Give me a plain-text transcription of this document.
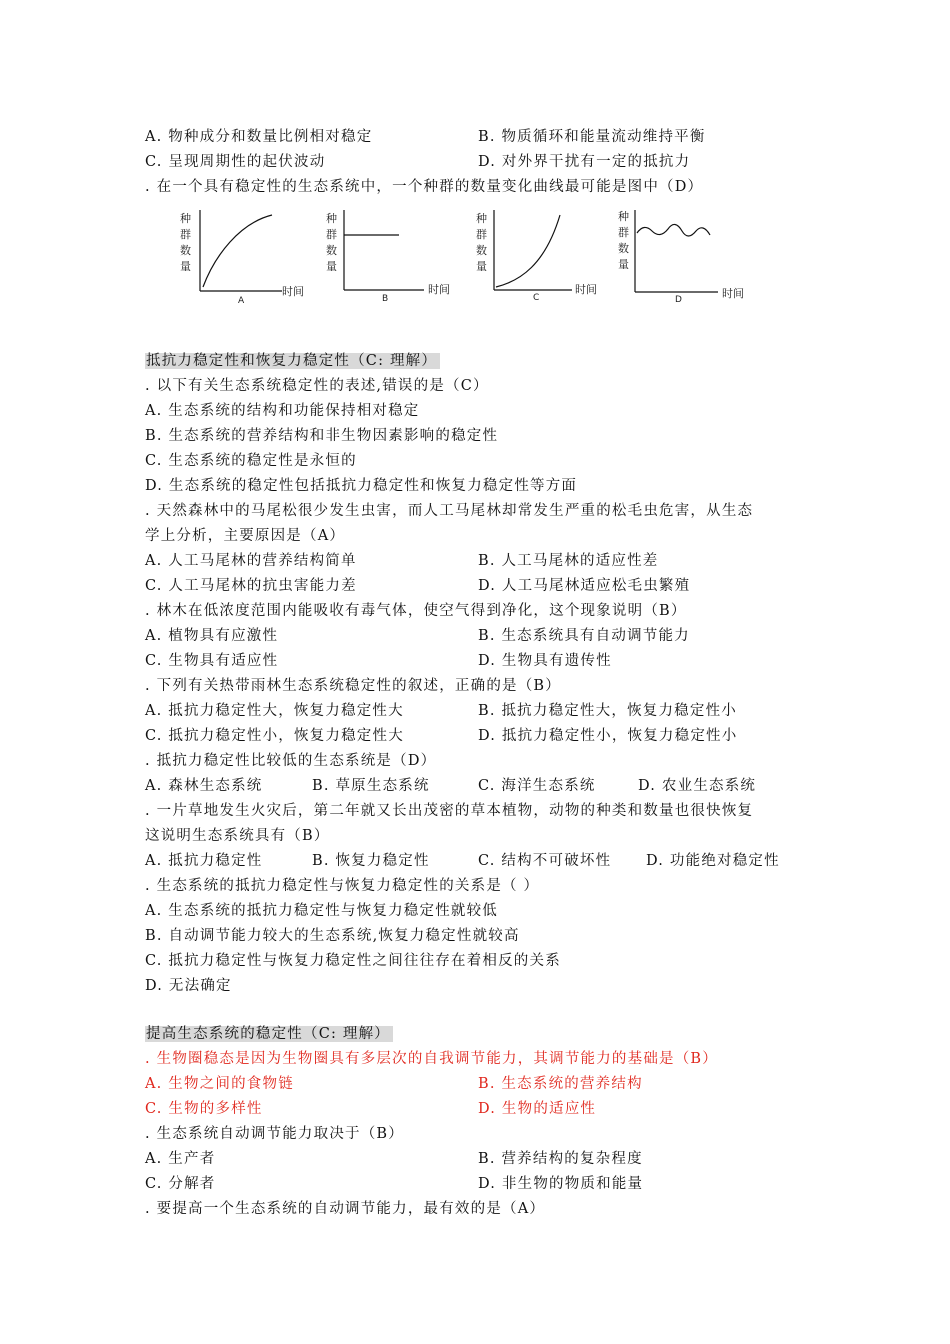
A. 物种成分和数量比例相对稳定	B. 物质循环和能量流动维持平衡
C. 呈现周期性的起伏波动	D. 对外界干扰有一定的抵抗力
. 在一个具有稳定性的生态系统中，一个种群的数量变化曲线最可能是图中（D）
种
群
数
量
A
时间
种
群
数
量
B
时间
种
群
数
量
C
时间
种
群
数
量
D	时间
抵抗力稳定性和恢复力稳定性（C: 理解）
. 以下有关生态系统稳定性的表述,错误的是（C）
A. 生态系统的结构和功能保持相对稳定
B. 生态系统的营养结构和非生物因素影响的稳定性
C. 生态系统的稳定性是永恒的
D. 生态系统的稳定性包括抵抗力稳定性和恢复力稳定性等方面
. 天然森林中的马尾松很少发生虫害，而人工马尾林却常发生严重的松毛虫危害，从生态
学上分析，主要原因是（A）
A. 人工马尾林的营养结构简单	B. 人工马尾林的适应性差
C. 人工马尾林的抗虫害能力差	D. 人工马尾林适应松毛虫繁殖
. 林木在低浓度范围内能吸收有毒气体，使空气得到净化，这个现象说明（B）
A. 植物具有应激性	B. 生态系统具有自动调节能力
C. 生物具有适应性	D. 生物具有遗传性
. 下列有关热带雨林生态系统稳定性的叙述，正确的是（B）
A. 抵抗力稳定性大，恢复力稳定性大	B. 抵抗力稳定性大，恢复力稳定性小
C. 抵抗力稳定性小，恢复力稳定性大	D. 抵抗力稳定性小，恢复力稳定性小
. 抵抗力稳定性比较低的生态系统是（D）
A. 森林生态系统	B. 草原生态系统	C. 海洋生态系统	D. 农业生态系统
. 一片草地发生火灾后，第二年就又长出茂密的草本植物，动物的种类和数量也很快恢复
这说明生态系统具有（B）
A. 抵抗力稳定性	B. 恢复力稳定性	C. 结构不可破坏性 D. 功能绝对稳定性
. 生态系统的抵抗力稳定性与恢复力稳定性的关系是（ ）
A. 生态系统的抵抗力稳定性与恢复力稳定性就较低
B. 自动调节能力较大的生态系统,恢复力稳定性就较高
C. 抵抗力稳定性与恢复力稳定性之间往往存在着相反的关系
D. 无法确定
提高生态系统的稳定性（C: 理解）
. 生物圈稳态是因为生物圈具有多层次的自我调节能力，其调节能力的基础是（B）
A. 生物之间的食物链	B. 生态系统的营养结构
C. 生物的多样性	D. 生物的适应性
. 生态系统自动调节能力取决于（B）
A. 生产者	B. 营养结构的复杂程度
C. 分解者	D. 非生物的物质和能量
. 要提高一个生态系统的自动调节能力，最有效的是（A）
